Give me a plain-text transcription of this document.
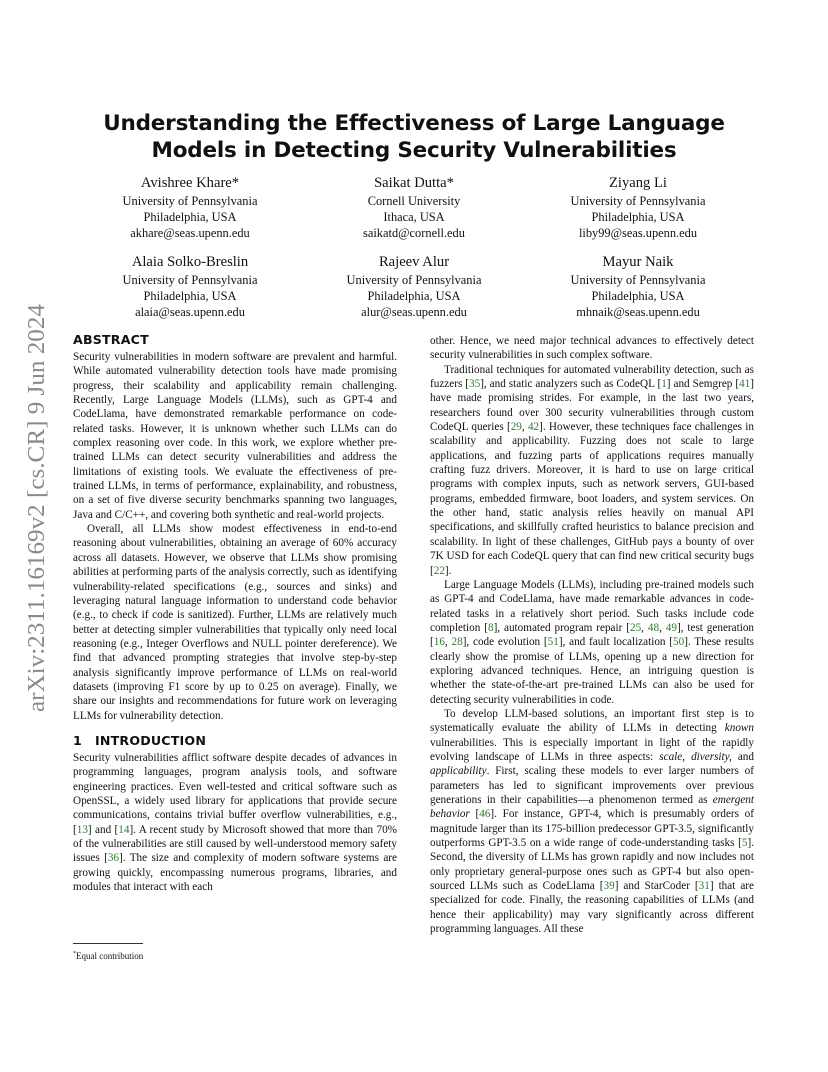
arXiv:2311.16169v2 [cs.CR] 9 Jun 2024
Understanding the Effectiveness of Large Language Models in Detecting Security Vulnerabilities
Avishree Khare*
University of Pennsylvania
Philadelphia, USA
akhare@seas.upenn.edu
Saikat Dutta*
Cornell University
Ithaca, USA
saikatd@cornell.edu
Ziyang Li
University of Pennsylvania
Philadelphia, USA
liby99@seas.upenn.edu
Alaia Solko-Breslin
University of Pennsylvania
Philadelphia, USA
alaia@seas.upenn.edu
Rajeev Alur
University of Pennsylvania
Philadelphia, USA
alur@seas.upenn.edu
Mayur Naik
University of Pennsylvania
Philadelphia, USA
mhnaik@seas.upenn.edu
ABSTRACT

Security vulnerabilities in modern software are prevalent and harmful. While automated vulnerability detection tools have made promising progress, their scalability and applicability remain challenging. Recently, Large Language Models (LLMs), such as GPT-4 and CodeLlama, have demonstrated remarkable performance on code-related tasks. However, it is unknown whether such LLMs can do complex reasoning over code. In this work, we explore whether pre-trained LLMs can detect security vulnerabilities and address the limitations of existing tools. We evaluate the effectiveness of pre-trained LLMs, in terms of performance, explainability, and robustness, on a set of five diverse security benchmarks spanning two languages, Java and C/C++, and covering both synthetic and real-world projects.

Overall, all LLMs show modest effectiveness in end-to-end reasoning about vulnerabilities, obtaining an average of 60% accuracy across all datasets. However, we observe that LLMs show promising abilities at performing parts of the analysis correctly, such as identifying vulnerability-related specifications (e.g., sources and sinks) and leveraging natural language information to understand code behavior (e.g., to check if code is sanitized). Further, LLMs are relatively much better at detecting simpler vulnerabilities that typically only need local reasoning (e.g., Integer Overflows and NULL pointer dereference). We find that advanced prompting strategies that involve step-by-step analysis significantly improve performance of LLMs on real-world datasets (improving F1 score by up to 0.25 on average). Finally, we share our insights and recommendations for future work on leveraging LLMs for vulnerability detection.

1 INTRODUCTION

Security vulnerabilities afflict software despite decades of advances in programming languages, program analysis tools, and software engineering practices. Even well-tested and critical software such as OpenSSL, a widely used library for applications that provide secure communications, contains trivial buffer overflow vulnerabilities, e.g., [13] and [14]. A recent study by Microsoft showed that more than 70% of the vulnerabilities are still caused by well-understood memory safety issues [36]. The size and complexity of modern software systems are growing quickly, encompassing numerous programs, libraries, and modules that interact with each

other. Hence, we need major technical advances to effectively detect security vulnerabilities in such complex software.

Traditional techniques for automated vulnerability detection, such as fuzzers [35], and static analyzers such as CodeQL [1] and Semgrep [41] have made promising strides. For example, in the last two years, researchers found over 300 security vulnerabilities through custom CodeQL queries [29, 42]. However, these techniques face challenges in scalability and applicability. Fuzzing does not scale to large applications, and fuzzing parts of applications requires manually crafting fuzz drivers. Moreover, it is hard to use on large critical programs with complex inputs, such as network servers, GUI-based programs, embedded firmware, boot loaders, and system services. On the other hand, static analysis relies heavily on manual API specifications, and skillfully crafted heuristics to balance precision and scalability. In light of these challenges, GitHub pays a bounty of over 7K USD for each CodeQL query that can find new critical security bugs [22].

Large Language Models (LLMs), including pre-trained models such as GPT-4 and CodeLlama, have made remarkable advances in code-related tasks in a relatively short period. Such tasks include code completion [8], automated program repair [25, 48, 49], test generation [16, 28], code evolution [51], and fault localization [50]. These results clearly show the promise of LLMs, opening up a new direction for exploring advanced techniques. Hence, an intriguing question is whether the state-of-the-art pre-trained LLMs can also be used for detecting security vulnerabilities in code.

To develop LLM-based solutions, an important first step is to systematically evaluate the ability of LLMs in detecting known vulnerabilities. This is especially important in light of the rapidly evolving landscape of LLMs in three aspects: scale, diversity, and applicability. First, scaling these models to ever larger numbers of parameters has led to significant improvements over previous generations in their capabilities—a phenomenon termed as emergent behavior [46]. For instance, GPT-4, which is presumably orders of magnitude larger than its 175-billion predecessor GPT-3.5, significantly outperforms GPT-3.5 on a wide range of code-understanding tasks [5]. Second, the diversity of LLMs has grown rapidly and now includes not only proprietary general-purpose ones such as GPT-4 but also open-sourced LLMs such as CodeLlama [39] and StarCoder [31] that are specialized for code. Finally, the reasoning capabilities of LLMs (and hence their applicability) may vary significantly across different programming languages. All these

*Equal contribution
